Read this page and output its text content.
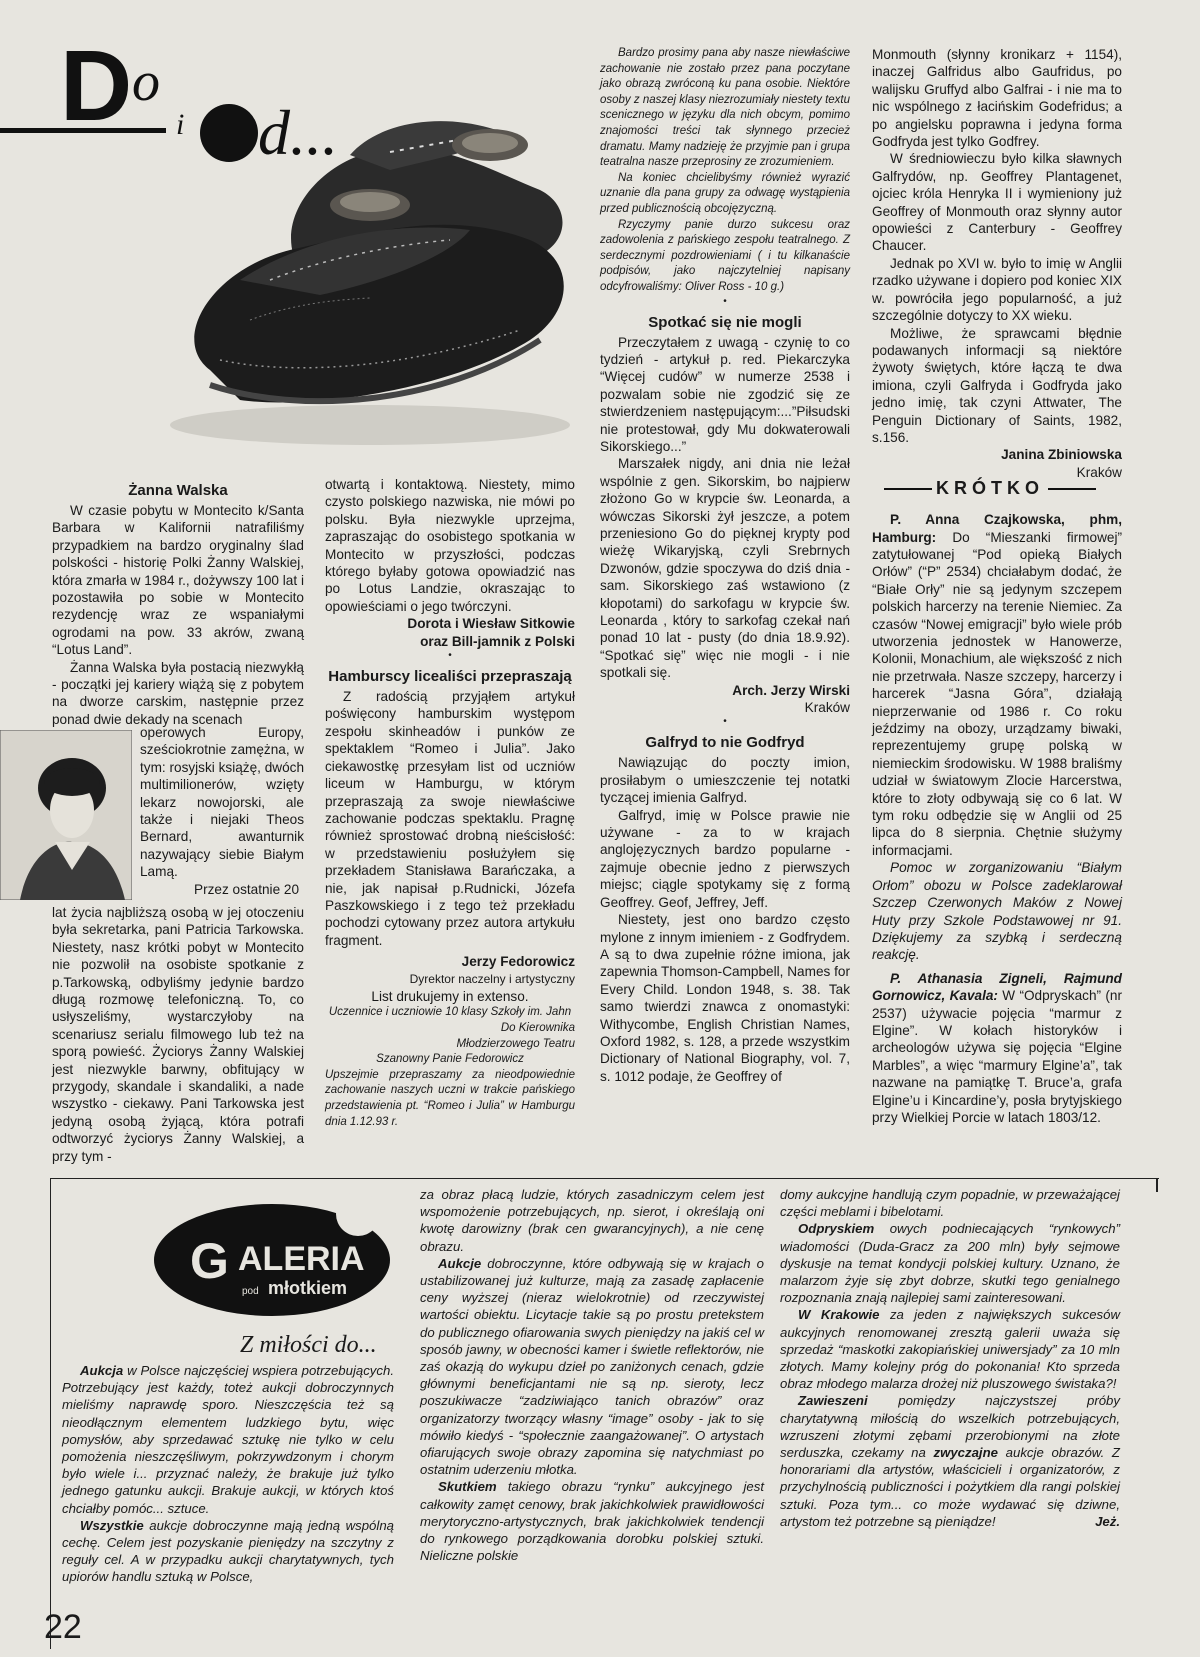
D o
i d...
Żanna Walska

W czasie pobytu w Montecito k/Santa Barbara w Kalifornii natrafiliśmy przypadkiem na bardzo oryginalny ślad polskości - historię Polki Żanny Walskiej, która zmarła w 1984 r., dożywszy 100 lat i pozostawiła po sobie w Montecito rezydencję wraz ze wspaniałymi ogrodami na pow. 33 akrów, zwaną “Lotus Land”.

Żanna Walska była postacią niezwykłą - początki jej kariery wiążą się z pobytem na dworze carskim, następnie przez ponad dwie dekady na scenach

operowych Europy, sześciokrotnie zamężna, w tym: rosyjski książę, dwóch multimilionerów, wzięty lekarz nowojorski, ale także i niejaki Theos Bernard, awanturnik nazywający siebie Białym Lamą.

Przez ostatnie 20

lat życia najbliższą osobą w jej otoczeniu była sekretarka, pani Patricia Tarkowska. Niestety, nasz krótki pobyt w Montecito nie pozwolił na osobiste spotkanie z p.Tarkowską, odbyliśmy jedynie bardzo długą rozmowę telefoniczną. To, co usłyszeliśmy, wystarczyłoby na scenariusz serialu filmowego lub też na sporą powieść. Życiorys Żanny Walskiej jest niezwykle barwny, obfitujący w przygody, skandale i skandaliki, a nade wszystko - ciekawy. Pani Tarkowska jest jedyną osobą żyjącą, która potrafi odtworzyć życiorys Żanny Walskiej, a przy tym -

otwartą i kontaktową. Niestety, mimo czysto polskiego nazwiska, nie mówi po polsku. Była niezwykle uprzejma, zapraszając do osobistego spotkania w Montecito w przyszłości, podczas którego byłaby gotowa opowiadzić nas po Lotus Landzie, okraszając to opowieściami o jego twórczyni.

Dorota i Wiesław Sitkowie
oraz Bill-jamnik z Polski
•
Hamburscy licealiści przepraszają

Z radością przyjąłem artykuł poświęcony hamburskim występom zespołu skinheadów i punków ze spektaklem “Romeo i Julia”. Jako ciekawostkę przesyłam list od uczniów liceum w Hamburgu, w którym przepraszają za swoje niewłaściwe zachowanie podczas spektaklu. Pragnę również sprostować drobną nieścisłość: w przedstawieniu posłużyłem się przekładem Stanisława Barańczaka, a nie, jak napisał p.Rudnicki, Józefa Paszkowskiego i z tego też przekładu pochodzi cytowany przez autora artykułu fragment.

Jerzy Fedorowicz
Dyrektor naczelny i artystyczny

List drukujemy in extenso.

Uczennice i uczniowie 10 klasy Szkoły im. Jahn

Do Kierownika

Młodzierzowego Teatru

Szanowny Panie Fedorowicz

Upszejmie przepraszamy za nieodpowiednie zachowanie naszych uczni w trakcie pańskiego przedstawienia pt. “Romeo i Julia” w Hamburgu dnia 1.12.93 r.

Bardzo prosimy pana aby nasze niewłaściwe zachowanie nie zostało przez pana poczytane jako obrazą zwróconą ku pana osobie. Niektóre osoby z naszej klasy niezrozumiały niestety textu scenicznego w języku dla nich obcym, pomimo znajomości treści tak słynnego przecież dramatu. Mamy nadzieję że przyjmie pan i grupa teatralna nasze przeprosiny ze zrozumieniem.

Na koniec chcielibyśmy również wyrazić uznanie dla pana grupy za odwagę wystąpienia przed publicznością obcojęzyczną.

Rzyczymy panie durzo sukcesu oraz zadowolenia z pańskiego zespołu teatralnego. Z serdecznymi pozdrowieniami ( i tu kilkanaście podpisów, jako najczytelniej napisany odcyfrowaliśmy: Oliver Ross - 10 g.)

•
Spotkać się nie mogli

Przeczytałem z uwagą - czynię to co tydzień - artykuł p. red. Piekarczyka “Więcej cudów” w numerze 2538 i pozwalam sobie nie zgodzić się ze stwierdzeniem następującym:...”Piłsudski nie protestował, gdy Mu dokwaterowali Sikorskiego...”

Marszałek nigdy, ani dnia nie leżał wspólnie z gen. Sikorskim, bo najpierw złożono Go w krypcie św. Leonarda, a wówczas Sikorski żył jeszcze, a potem przeniesiono Go do pięknej krypty pod wieżę Wikaryjską, czyli Srebrnych Dzwonów, gdzie spoczywa do dziś dnia - sam. Sikorskiego zaś wstawiono (z kłopotami) do sarkofagu w krypcie św. Leonarda , który to sarkofag czekał nań ponad 10 lat - pusty (do dnia 18.9.92). “Spotkać się” więc nie mogli - i nie spotkali się.

Arch. Jerzy Wirski
Kraków
•
Galfryd to nie Godfryd

Nawiązując do poczty imion, prosiłabym o umieszczenie tej notatki tyczącej imienia Galfryd.

Galfryd, imię w Polsce prawie nie używane - za to w krajach anglojęzycznych bardzo popularne - zajmuje obecnie jedno z pierwszych miejsc; ciągle spotykamy się z formą Geoffrey. Geof, Jeffrey, Jeff.

Niestety, jest ono bardzo często mylone z innym imieniem - z Godfrydem. A są to dwa zupełnie różne imiona, jak zapewnia Thomson-Campbell, Names for Every Child. London 1948, s. 38. Tak samo twierdzi znawca z onomastyki: Withycombe, English Christian Names, Oxford 1982, s. 128, a przede wszystkim Dictionary of National Biography, vol. 7, s. 1012 podaje, że Geoffrey of

Monmouth (słynny kronikarz + 1154), inaczej Galfridus albo Gaufridus, po walijsku Gruffyd albo Galfrai - i nie ma to nic wspólnego z łacińskim Godefridus; a po angielsku poprawna i jedyna forma Godfryda jest tylko Godfrey.

W średniowieczu było kilka sławnych Galfrydów, np. Geoffrey Plantagenet, ojciec króla Henryka II i wymieniony już Geoffrey of Monmouth oraz słynny autor opowieści z Canterbury - Geoffrey Chaucer.

Jednak po XVI w. było to imię w Anglii rzadko używane i dopiero pod koniec XIX w. powróciła jego popularność, a już szczególnie dotyczy to XX wieku.

Możliwe, że sprawcami błędnie podawanych informacji są niektóre żywoty świętych, które łączą te dwa imiona, czyli Galfryda i Godfryda jako jedno imię, tak czyni Attwater, The Penguin Dictionary of Saints, 1982, s.156.

Janina Zbiniowska
Kraków

P. Anna Czajkowska, phm, Hamburg: Do “Mieszanki firmowej” zatytułowanej “Pod opieką Białych Orłów” (“P” 2534) chciałabym dodać, że “Białe Orły” nie są jedynym szczepem polskich harcerzy na terenie Niemiec. Za czasów “Nowej emigracji” było wiele prób utworzenia jednostek w Hanowerze, Kolonii, Monachium, ale większość z nich nie przetrwała. Nasze szczepy, harcerzy i harcerek “Jasna Góra”, działają nieprzerwanie od 1986 r. Co roku jeździmy na obozy, urządzamy biwaki, reprezentujemy grupę polską w niemieckim środowisku. W 1988 braliśmy udział w światowym Zlocie Harcerstwa, które to złoty odbywają się co 6 lat. W tym roku odbędzie się w Anglii od 25 lipca do 8 sierpnia. Chętnie służymy informacjami.

Pomoc w zorganizowaniu “Białym Orłom” obozu w Polsce zadeklarował Szczep Czerwonych Maków z Nowej Huty przy Szkole Podstawowej nr 91. Dziękujemy za szybką i serdeczną reakcję.

P. Athanasia Zigneli, Rajmund Gornowicz, Kavala: W “Odpryskach” (nr 2537) używacie pojęcia “marmur z Elgine”. W kołach historyków i archeologów używa się pojęcia “Elgine Marbles”, a więc “marmury Elgine’a”, tak nazwane na pamiątkę T. Bruce’a, grafa Elgine’u i Kincardine’y, posła brytyjskiego przy Wielkiej Porcie w latach 1803/12.

KRÓTKO
G ALERIA
pod młotkiem
Z miłości do...

Aukcja w Polsce najczęściej wspiera potrzebujących. Potrzebujący jest każdy, toteż aukcji dobroczynnych mieliśmy naprawdę sporo. Nieszczęścia też są nieodłącznym elementem ludzkiego bytu, więc pomysłów, aby sprzedawać sztukę nie tylko w celu pomożenia nieszczęśliwym, pokrzywdzonym i chorym było wiele i... przyznać należy, że brakuje już tylko jednego gatunku aukcji. Brakuje aukcji, w których ktoś chciałby pomóc... sztuce.

Wszystkie aukcje dobroczynne mają jedną wspólną cechę. Celem jest pozyskanie pieniędzy na szczytny z reguły cel. A w przypadku aukcji charytatywnych, tych upiorów handlu sztuką w Polsce,

za obraz płacą ludzie, których zasadniczym celem jest wspomożenie potrzebujących, np. sierot, i określają oni kwotę darowizny (brak cen gwarancyjnych), a nie cenę obrazu.

Aukcje dobroczynne, które odbywają się w krajach o ustabilizowanej już kulturze, mają za zasadę zapłacenie ceny wyższej (nieraz wielokrotnie) od rzeczywistej wartości obiektu. Licytacje takie są po prostu pretekstem do publicznego ofiarowania swych pieniędzy na jakiś cel w sposób jawny, w obecności kamer i świetle reflektorów, nie zaś okazją do wykupu dzieł po zaniżonych cenach, gdzie głównymi beneficjantami nie są np. sieroty, lecz poszukiwacze “zadziwiająco tanich obrazów” oraz organizatorzy tworzący własny “image” osoby - jak to się mówiło kiedyś - “społecznie zaangażowanej”. O artystach ofiarujących swoje obrazy zapomina się natychmiast po ostatnim uderzeniu młotka.

Skutkiem takiego obrazu “rynku” aukcyjnego jest całkowity zamęt cenowy, brak jakichkolwiek prawidłowości merytoryczno-artystycznych, brak jakichkolwiek tendencji do rynkowego porządkowania dorobku polskiej sztuki. Nieliczne polskie

domy aukcyjne handlują czym popadnie, w przeważającej części meblami i bibelotami.

Odpryskiem owych podniecających “rynkowych” wiadomości (Duda-Gracz za 200 mln) były sejmowe dyskusje na temat kondycji polskiej kultury. Uznano, że malarzom żyje się zbyt dobrze, skutki tego genialnego rozpoznania znają najlepiej sami zainteresowani.

W Krakowie za jeden z największych sukcesów aukcyjnych renomowanej zresztą galerii uważa się sprzedaż “maskotki zakopiańskiej uniwersjady” za 10 mln złotych. Mamy kolejny próg do pokonania! Kto sprzeda obraz młodego malarza drożej niż pluszowego świstaka?!

Zawieszeni pomiędzy najczystszej próby charytatywną miłością do wszelkich potrzebujących, wzruszeni złotymi zębami przerobionymi na złote serduszka, czekamy na zwyczajne aukcje obrazów. Z honorariami dla artystów, właścicieli i organizatorów, z przychylnością publiczności i pożytkiem dla rangi polskiej sztuki. Poza tym... co może wydawać się dziwne, artystom też potrzebne są pieniądze!	Jeż.

22
